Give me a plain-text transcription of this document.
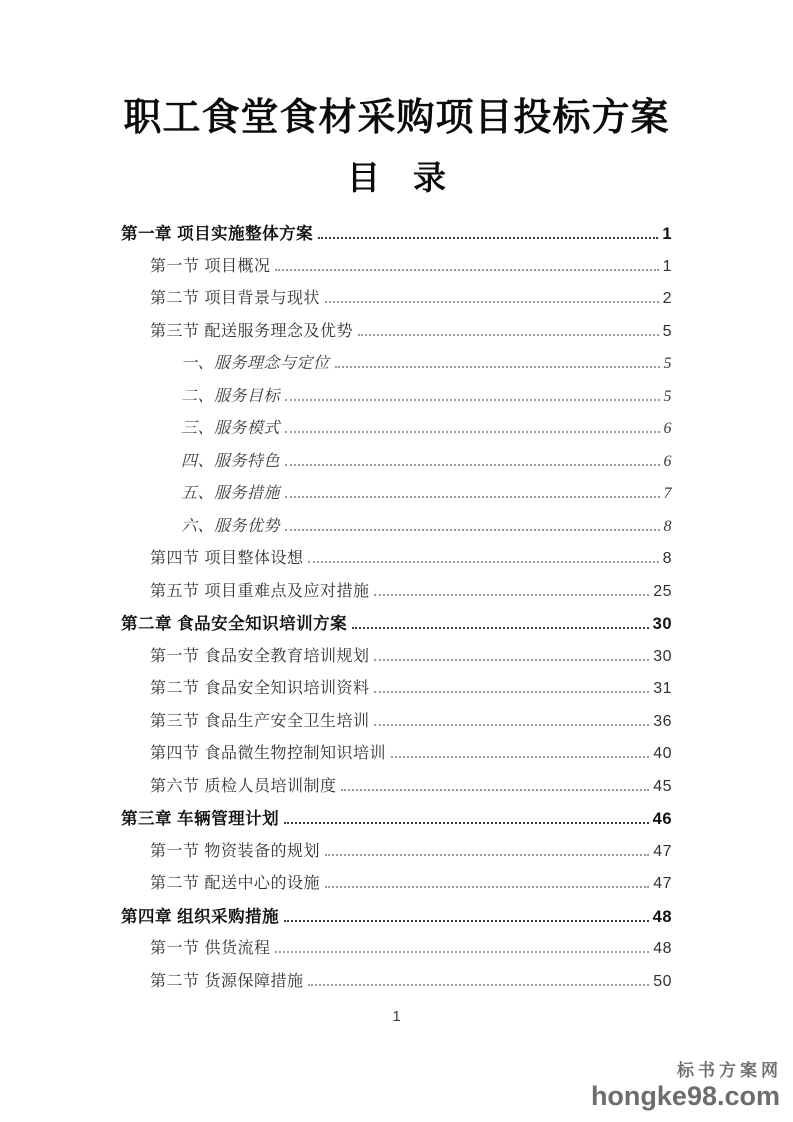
职工食堂食材采购项目投标方案
目　录
第一章 项目实施整体方案	1
第一节 项目概况	1
第二节 项目背景与现状	2
第三节 配送服务理念及优势	5
一、服务理念与定位	5
二、服务目标	5
三、服务模式	6
四、服务特色	6
五、服务措施	7
六、服务优势	8
第四节 项目整体设想	8
第五节 项目重难点及应对措施	25
第二章 食品安全知识培训方案	30
第一节 食品安全教育培训规划	30
第二节 食品安全知识培训资料	31
第三节 食品生产安全卫生培训	36
第四节 食品微生物控制知识培训	40
第六节 质检人员培训制度	45
第三章 车辆管理计划	46
第一节 物资装备的规划	47
第二节 配送中心的设施	47
第四章 组织采购措施	48
第一节 供货流程	48
第二节 货源保障措施	50
1
标书方案网
hongke98.com
